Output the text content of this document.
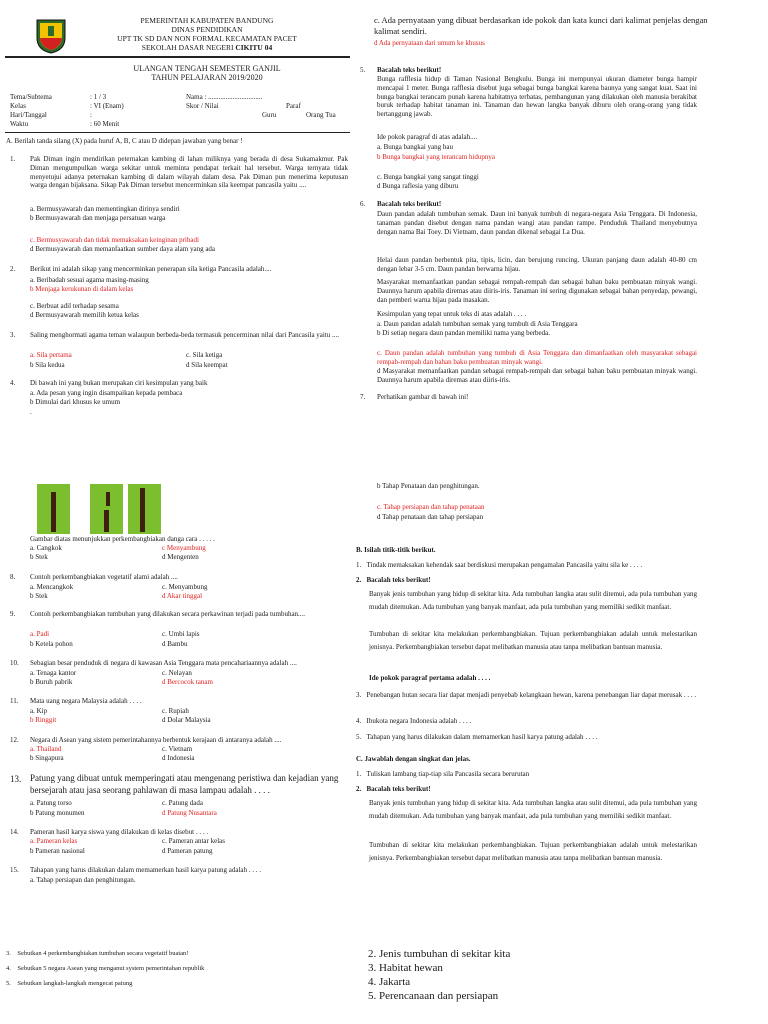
PEMERINTAH KABUPATEN BANDUNG
DINAS PENDIDIKAN
UPT TK SD DAN NON FORMAL KECAMATAN PACET
SEKOLAH DASAR NEGERI CIKITU 04
ULANGAN TENGAH SEMESTER GANJIL
TAHUN PELAJARAN 2019/2020
Tema/Subtema	: 1 / 3	Nama : ...............................
Kelas	: VI (Enam)	Skor / Nilai	Paraf
Hari/Tanggal	:	Guru	Orang Tua
Waktu	: 60 Menit
A. Berilah tanda silang (X) pada huruf A, B, C atau D didepan jawaban yang benar !
1. Pak Diman ingin mendirikan peternakan kambing di lahan miliknya yang berada di desa Sukamakmur. Pak Diman mengumpulkan warga sekitar untuk meminta pendapat terkait hal tersebut. Warga ternyata tidak menyetujui adanya peternakan kambing di dalam wilayah dalam desa. Pak Diman pun menerima keputusan warga dengan bijaksana. Sikap Pak Diman tersebut mencerminkan sila keempat pancasila yaitu ....
a. Bermusyawarah dan mementingkan dirinya sendiri
b Bermusyawarah dan menjaga persatuan warga
c. Bermusyawarah dan tidak memaksakan keinginan pribadi
d Bermusyawarah dan memanfaatkan sumber daya alam yang ada
2. Berikut ini adalah sikap yang mencerminkan penerapan sila ketiga Pancasila adalah....
a. Beribadah sesuai agama masing-masing
b Menjaga kerukunan di dalam kelas
c. Berbuat adil terhadap sesama
d Bermusyawarah memilih ketua kelas
3. Saling menghormati agama teman walaupun berbeda-beda termasuk pencerminan nilai dari Pancasila yaitu ....
a. Sila pertama
b Sila kedua
c. Sila ketiga
d Sila keempat
4. Di bawah ini yang bukan merupakan ciri kesimpulan yang baik
a. Ada pesan yang ingin disampaikan kepada pembaca
b Dimulai dari khusus ke umum
.
Gambar diatas menunjukkan perkembangbiakan danga cara . . . . .
a. Cangkok
b Stek
c Menyambung
d Mengenten
8. Contoh perkembangbiakan vegetatif alami adalah ....
a. Mencangkok
b Stek
c. Menyambung
d Akar tinggal
9. Contoh perkembangbiakan tumbuhan yang dilakukan secara perkawinan terjadi pada tumbuhan....
a. Padi
b Ketela pohon
c. Umbi lapis
d Bambu
10. Sebagian besar penduduk di negara di kawasan Asia Tenggara mata pencahariaannya adalah ....
a. Tenaga kantor
b Buruh pabrik
c. Nelayan
d Bercocok tanam
11. Mata uang negara Malaysia adalah . . . .
a. Kip
b Ringgit
c. Rupiah
d Dolar Malaysia
12. Negara di Asean yang sistem pemerintahannya berbentuk kerajaan di antaranya adalah ....
a. Thailand
b Singapura
c. Vietnam
d Indonesia
13. Patung yang dibuat untuk memperingati atau mengenang peristiwa dan kejadian yang bersejarah atau jasa seorang pahlawan di masa lampau adalah . . . .
a. Patung torso
b Patung monumen
c. Patung dada
d Patung Nusantara
14. Pameran hasil karya siswa yang dilakukan di kelas disebut . . . .
a. Pameran kelas
b Pameran nasional
c. Pameran antar kelas
d Pameran patung
15. Tahapan yang harus dilakukan dalam memamerkan hasil karya patung adalah . . . .
a. Tahap persiapan dan penghitungan.
3.    Sebutkan 4 perkembangbiakan tumbuhan secara vegetatif buatan!
4.    Sebutkan 5 negara Asean yang menganut system pemerintahan republik
5.    Sebutkan langkah-langkah mengecat patung
c. Ada pernyataan yang dibuat berdasarkan ide pokok dan kata kunci dari kalimat penjelas dengan kalimat sendiri.
d Ada pernyataan dari umum ke khusus
5. Bacalah teks berikut!
Bunga rafflesia hidup di Taman Nasional Bengkulu. Bunga ini mempunyai ukuran diameter bunga hampir mencapai 1 meter. Bunga rafflesia disebut juga sebagai bunga bangkai karena baunya yang sangat kuat. Saat ini bunga bangkai terancam punah karena habitatnya terbatas, pembangunan yang dilakukan oleh manusia berakibat buruk terhadap habitat tanaman ini. Tanaman dan hewan langka banyak diburu oleh orang-orang yang tidak bertanggung jawab.
Ide pokok paragraf di atas adalah....
a. Bunga bangkai yang bau
b Bunga bangkai yang terancam hidupnya
c. Bunga bangkai yang sangat tinggi
d Bunga raflesia yang diburu
6. Bacalah teks berikut!
Daun pandan adalah tumbuhan semak. Daun ini banyak tumbuh di negara-negara Asia Tenggara. Di Indonesia, tanaman pandan disebut dengan nama pandan wangi atau pandan rampe. Penduduk Thailand menyebutnya dengan nama Bai Toey. Di Vietnam, daun pandan dikenal sebagai La Dua.
Helai daun pandan berbentuk pita, tipis, licin, dan berujung runcing. Ukuran panjang daun adalah 40-80 cm dengan lebar 3-5 cm. Daun pandan berwarna hijau.
Masyarakat memanfaatkan pandan sebagai rempah-rempah dan sebagai bahan baku pembuatan minyak wangi. Daunnya harum apabila diremas atau diiris-iris. Tanaman ini sering digunakan sebagai bahan penyedap, pewangi, dan pemberi warna hijau pada masakan.
Kesimpulan yang tepat untuk teks di atas adalah . . . .
a. Daun pandan adalah tumbuhan semak yang tumbuh di Asia Tenggara
b Di setiap negara daun pandan memiliki nama yang berbeda.
c. Daun pandan adalah tumbuhan yang tumbuh di Asia Tenggara dan dimanfaatkan oleh masyarakat sebagai rempah-rempah dan bahan baku pembuatan minyak wangi.
d Masyarakat memanfaatkan pandan sebagai rempah-rempah dan sebagai bahan baku pembuatan minyak wangi. Daunnya harum apabila diremas atau diiris-iris.
7. Perhatikan gambar di bawah ini!
b Tahap Penataan dan penghitungan.
c. Tahap persiapan dan tahap penataan
d Tahap penataan dan tahap persiapan
B. Isilah titik-titik berikut.
1.   Tindak memaksakan kehendak saat berdiskusi merupakan pengamalan Pancasila yaitu sila ke . . . .
2.   Bacalah teks berikut!
Banyak jenis tumbuhan yang hidup di sekitar kita. Ada tumbuhan langka atau sulit ditemui, ada pula tumbuhan yang mudah ditemukan. Ada tumbuhan yang banyak manfaat, ada pula tumbuhan yang memiliki sedikit manfaat.
Tumbuhan di sekitar kita melakukan perkembangbiakan. Tujuan perkembangbiakan adalah untuk melestarikan jenisnya. Perkembangbiakan tersebut dapat melibatkan manusia atau tanpa melibatkan bantuan manusia.
Ide pokok paragraf pertama adalah . . . .
3.   Penebangan hutan secara liar dapat menjadi penyebab kelangkaan hewan, karena penebangan liar dapat merusak . . . .
4.   Ibukota negara Indonesia adalah . . . .
5.   Tahapan yang harus dilakukan dalam memamerkan hasil karya patung adalah . . . .
C. Jawablah dengan singkat dan jelas.
1.   Tuliskan lambang tiap-tiap sila Pancasila secara berurutan
2.   Bacalah teks berikut!
Banyak jenis tumbuhan yang hidup di sekitar kita. Ada tumbuhan langka atau sulit ditemui, ada pula tumbuhan yang mudah ditemukan. Ada tumbuhan yang banyak manfaat, ada pula tumbuhan yang memiliki sedikit manfaat.
Tumbuhan di sekitar kita melakukan perkembangbiakan. Tujuan perkembangbiakan adalah untuk melestarikan jenisnya. Perkembangbiakan tersebut dapat melibatkan manusia atau tanpa melibatkan bantuan manusia.
2. Jenis tumbuhan di sekitar kita
3. Habitat hewan
4. Jakarta
5. Perencanaan dan persiapan
